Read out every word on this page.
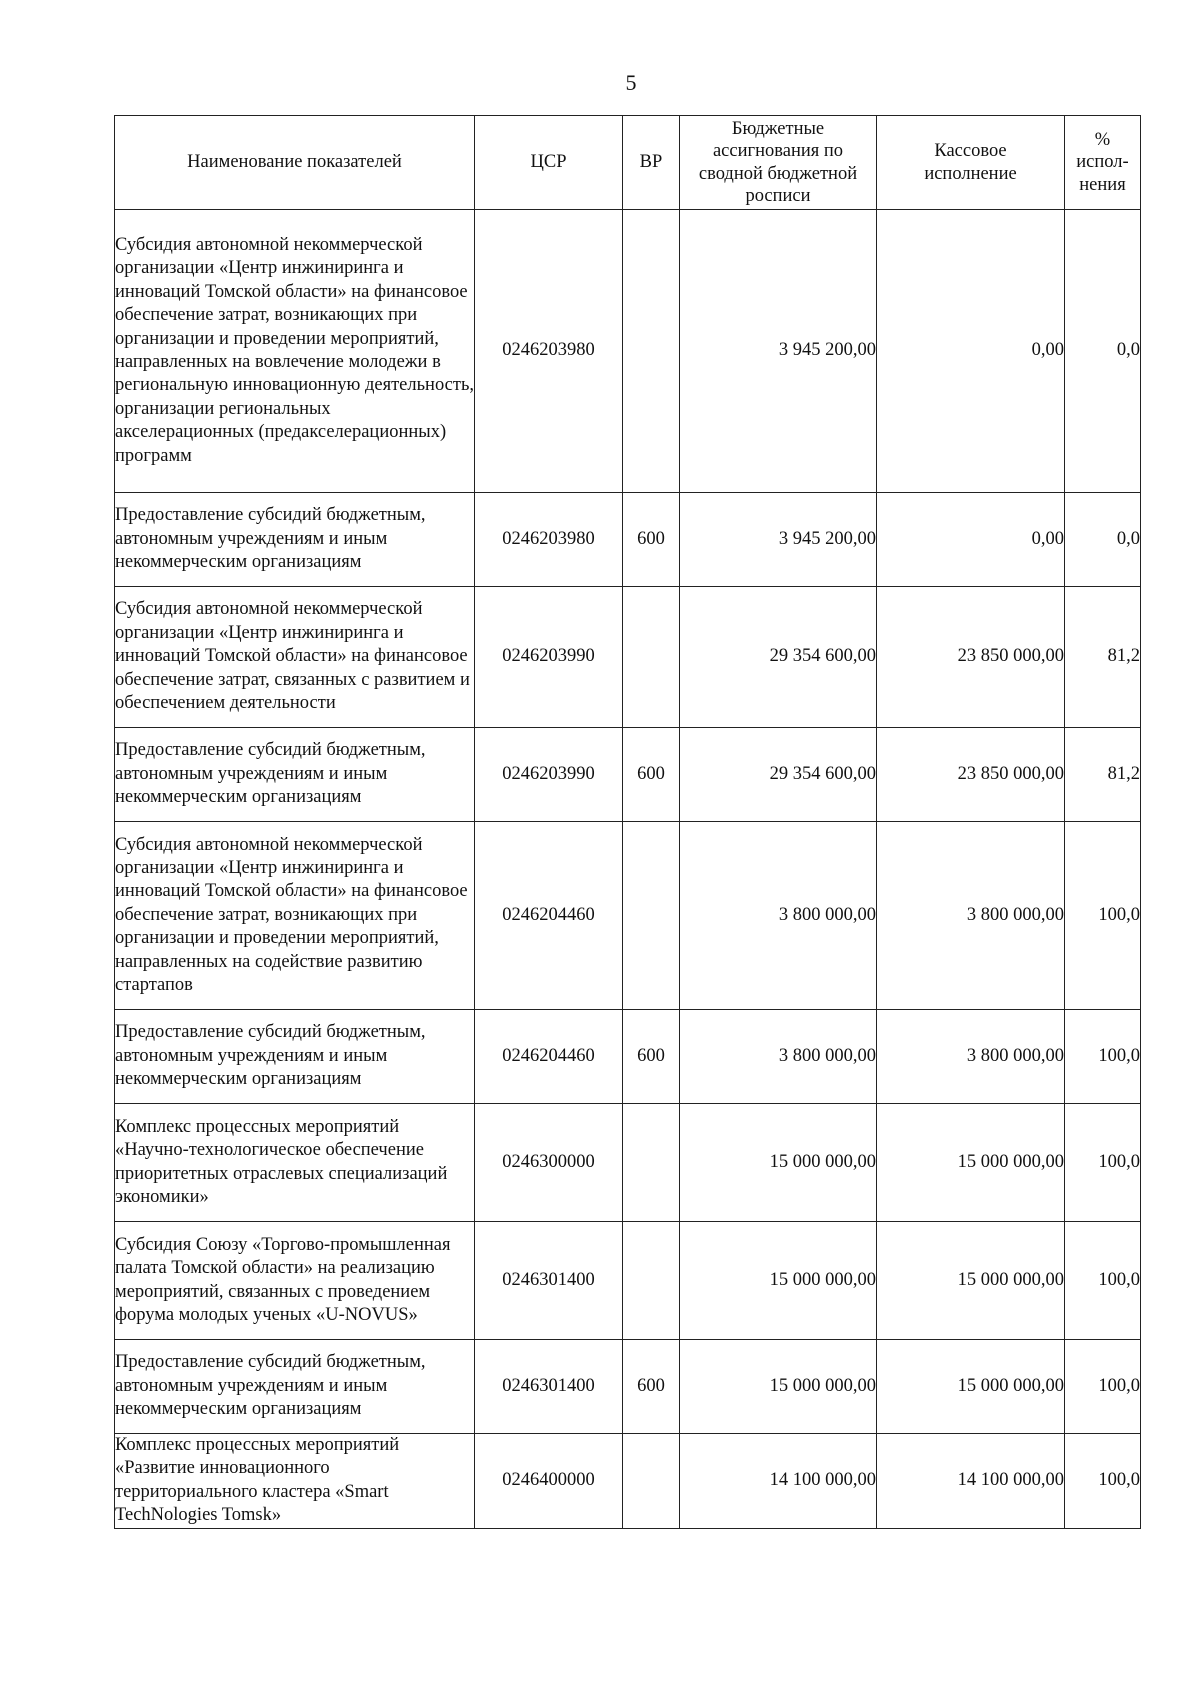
5
Наименование показателей	ЦСР	ВР	Бюджетные ассигнования по сводной бюджетной росписи	Кассовое исполнение	% испол-нения
Субсидия автономной некоммерческой организации «Центр инжиниринга и инноваций Томской области» на финансовое обеспечение затрат, возникающих при организации и проведении мероприятий, направленных на вовлечение молодежи в региональную инновационную деятельность, организации региональных акселерационных (предакселерационных) программ	0246203980		3 945 200,00	0,00	0,0
Предоставление субсидий бюджетным, автономным учреждениям и иным некоммерческим организациям	0246203980	600	3 945 200,00	0,00	0,0
Субсидия автономной некоммерческой организации «Центр инжиниринга и инноваций Томской области» на финансовое обеспечение затрат, связанных с развитием и обеспечением деятельности	0246203990		29 354 600,00	23 850 000,00	81,2
Предоставление субсидий бюджетным, автономным учреждениям и иным некоммерческим организациям	0246203990	600	29 354 600,00	23 850 000,00	81,2
Субсидия автономной некоммерческой организации «Центр инжиниринга и инноваций Томской области» на финансовое обеспечение затрат, возникающих при организации и проведении мероприятий, направленных на содействие развитию стартапов	0246204460		3 800 000,00	3 800 000,00	100,0
Предоставление субсидий бюджетным, автономным учреждениям и иным некоммерческим организациям	0246204460	600	3 800 000,00	3 800 000,00	100,0
Комплекс процессных мероприятий «Научно-технологическое обеспечение приоритетных отраслевых специализаций экономики»	0246300000		15 000 000,00	15 000 000,00	100,0
Субсидия Союзу «Торгово-промышленная палата Томской области» на реализацию мероприятий, связанных с проведением форума молодых ученых «U-NOVUS»	0246301400		15 000 000,00	15 000 000,00	100,0
Предоставление субсидий бюджетным, автономным учреждениям и иным некоммерческим организациям	0246301400	600	15 000 000,00	15 000 000,00	100,0
Комплекс процессных мероприятий «Развитие инновационного территориального кластера «Smart TechNologies Tomsk»	0246400000		14 100 000,00	14 100 000,00	100,0
